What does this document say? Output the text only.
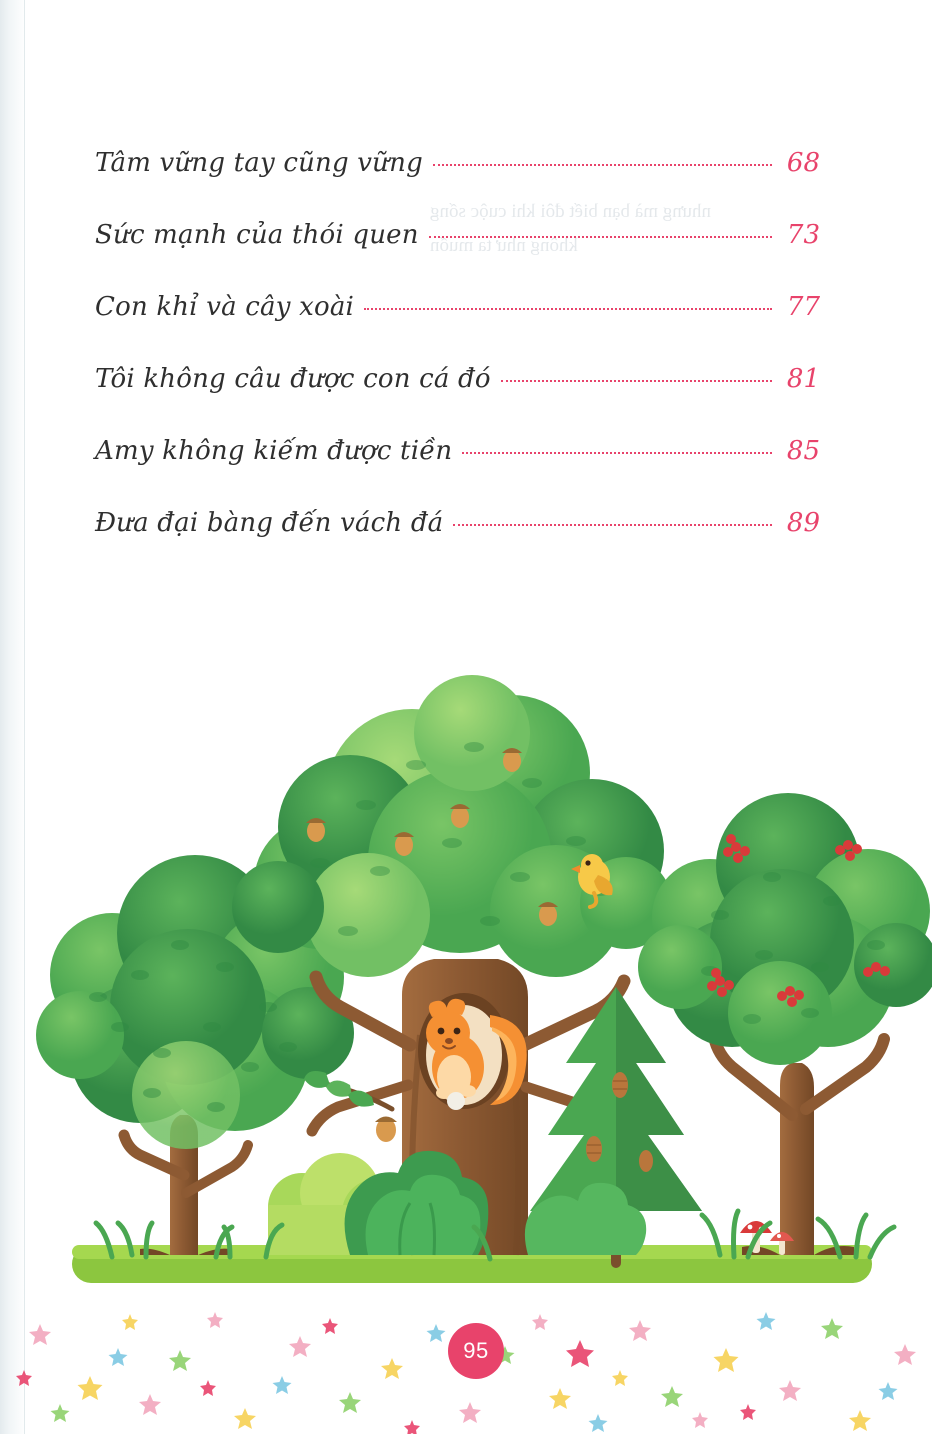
nhưng mà bạn biết đôi khi cuộc sống không như ta muốn
Tâm vững tay cũng vững	68
Sức mạnh của thói quen	73
Con khỉ và cây xoài	77
Tôi không câu được con cá đó	81
Amy không kiếm được tiền	85
Đưa đại bàng đến vách đá	89
95
